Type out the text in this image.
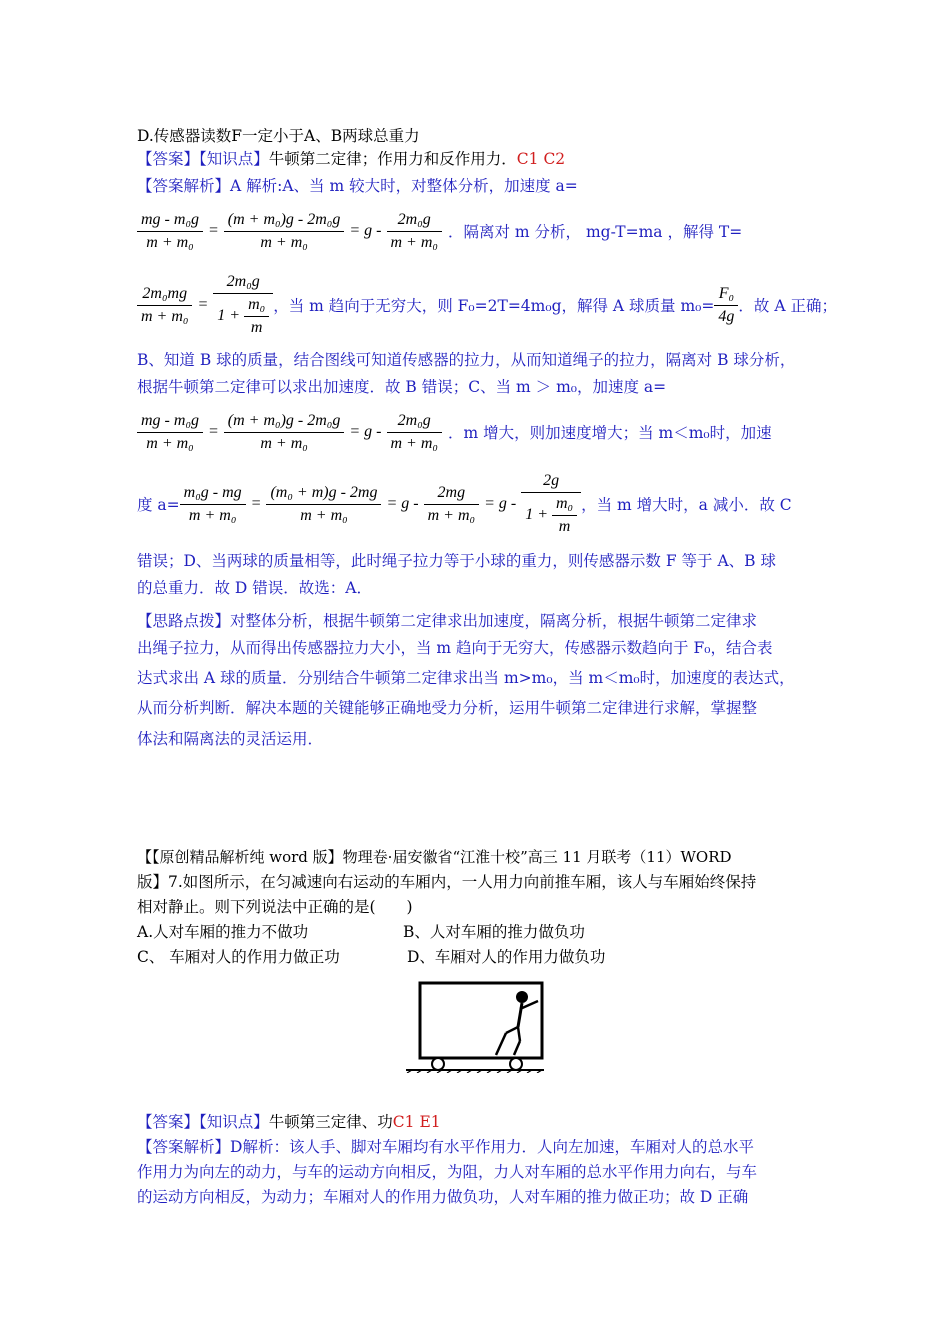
D.传感器读数F一定小于A、B两球总重力
【答案】【知识点】牛顿第二定律；作用力和反作用力．C1 C2
【答案解析】A 解析:A、当 m 较大时，对整体分析，加速度 a=
$\frac{\text{mg - m₀g}}{\text{m + m₀}} = \frac{\text{(m + m₀)g - 2m₀g}}{\text{m + m₀}} = g - \frac{\text{2m₀g}}{\text{m + m₀}}$ ．隔离对 m 分析， mg-T=ma ，解得 T=
$\frac{\text{2m₀mg}}{\text{m + m₀}} = \frac{\text{2m₀g}}{1 + \frac{\text{m₀}}{m}}$ ，当 m 趋向于无穷大，则 F₀=2T=4m₀g，解得 A 球质量 $m_0= \frac{\text{F₀}}{4g}$ ．故 A 正确；
B、知道 B 球的质量，结合图线可知道传感器的拉力，从而知道绳子的拉力，隔离对 B 球分析，
根据牛顿第二定律可以求出加速度．故 B 错误；C、当 m ＞ m₀，加速度 a=
$\frac{\text{mg - m₀g}}{\text{m + m₀}} = \frac{\text{(m + m₀)g - 2m₀g}}{\text{m + m₀}} = g - \frac{\text{2m₀g}}{\text{m + m₀}}$ ．m 增大，则加速度增大；当 m＜m₀时，加速
度 $a= \frac{\text{m₀g - mg}}{\text{m + m₀}} = \frac{\text{(m₀ + m)g - 2mg}}{\text{m + m₀}} = g - \frac{2mg}{\text{m + m₀}} = g - \frac{2g}{1 + \frac{\text{m₀}}{m}}$ ，当 m 增大时，a 减小．故 C
错误；D、当两球的质量相等，此时绳子拉力等于小球的重力，则传感器示数 F 等于 A、B 球
的总重力．故 D 错误．故选：A．
【思路点拨】对整体分析，根据牛顿第二定律求出加速度，隔离分析，根据牛顿第二定律求
出绳子拉力，从而得出传感器拉力大小，当 m 趋向于无穷大，传感器示数趋向于 F₀，结合表
达式求出 A 球的质量．分别结合牛顿第二定律求出当 m>m₀，当 m＜m₀时，加速度的表达式，
从而分析判断．解决本题的关键能够正确地受力分析，运用牛顿第二定律进行求解，掌握整
体法和隔离法的灵活运用．
【【原创精品解析纯 word 版】物理卷·届安徽省“江淮十校”高三 11 月联考（11）WORD
版】7.如图所示，在匀减速向右运动的车厢内，一人用力向前推车厢，该人与车厢始终保持
相对静止。则下列说法中正确的是(　　)
A.人对车厢的推力不做功	B、人对车厢的推力做负功
C、 车厢对人的作用力做正功	D、车厢对人的作用力做负功
【答案】【知识点】牛顿第三定律、功C1 E1
【答案解析】D解析：该人手、脚对车厢均有水平作用力．人向左加速，车厢对人的总水平
作用力为向左的动力，与车的运动方向相反，为阻，力人对车厢的总水平作用力向右，与车
的运动方向相反，为动力；车厢对人的作用力做负功，人对车厢的推力做正功；故 D 正确
